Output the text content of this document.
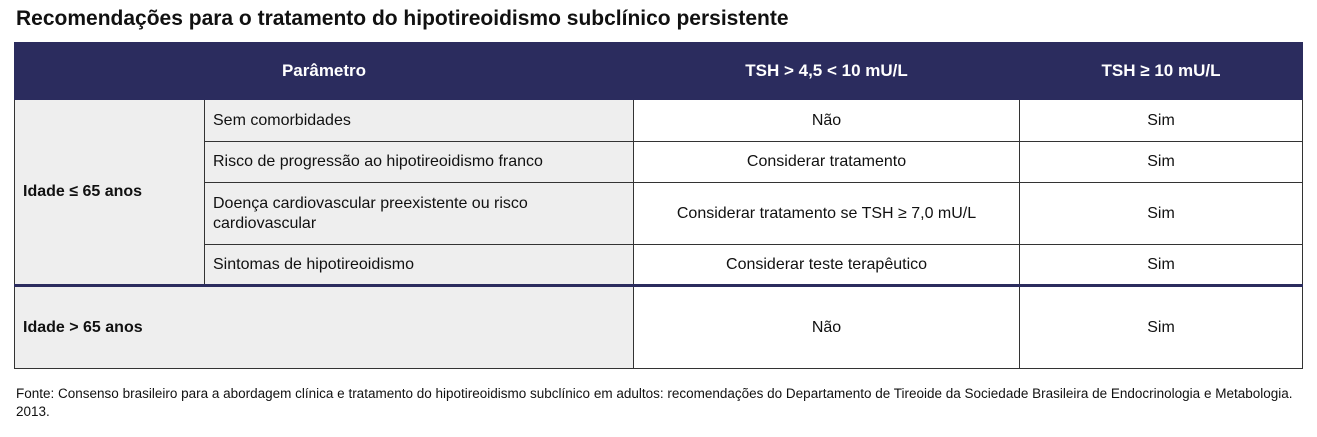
Recomendações para o tratamento do hipotireoidismo subclínico persistente
Parâmetro		TSH > 4,5 < 10 mU/L	TSH ≥ 10 mU/L
Idade ≤ 65 anos	Sem comorbidades	Não	Sim
	Risco de progressão ao hipotireoidismo franco	Considerar tratamento	Sim
	Doença cardiovascular preexistente ou risco cardiovascular	Considerar tratamento se TSH ≥ 7,0 mU/L	Sim
	Sintomas de hipotireoidismo	Considerar teste terapêutico	Sim
Idade > 65 anos		Não	Sim
Fonte: Consenso brasileiro para a abordagem clínica e tratamento do hipotireoidismo subclínico em adultos: recomendações do Departamento de Tireoide da Sociedade Brasileira de Endocrinologia e Metabologia. 2013.
